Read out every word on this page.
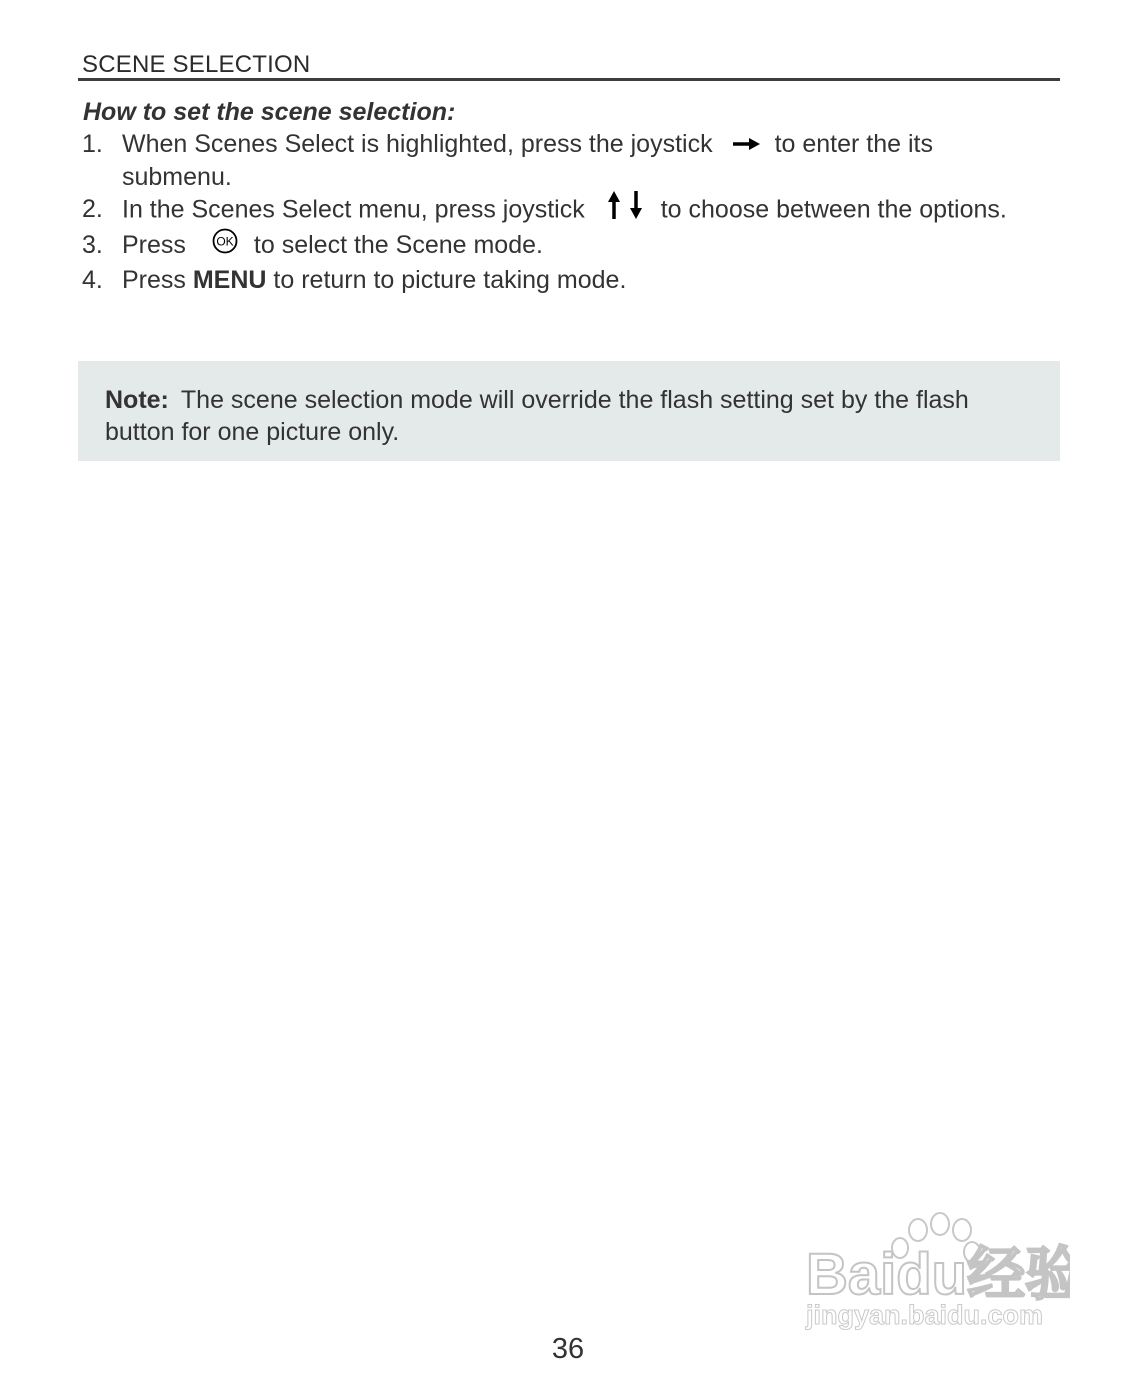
SCENE SELECTION
How to set the scene selection:
1. When Scenes Select is highlighted, press the joystick to enter the its submenu.
2. In the Scenes Select menu, press joystick	to choose between the options.
3. Press	OK to select the Scene mode.
4. Press MENU to return to picture taking mode.
Note: The scene selection mode will override the flash setting set by the flash button for one picture only.
Baidu经验
jingyan.baidu.com
36
